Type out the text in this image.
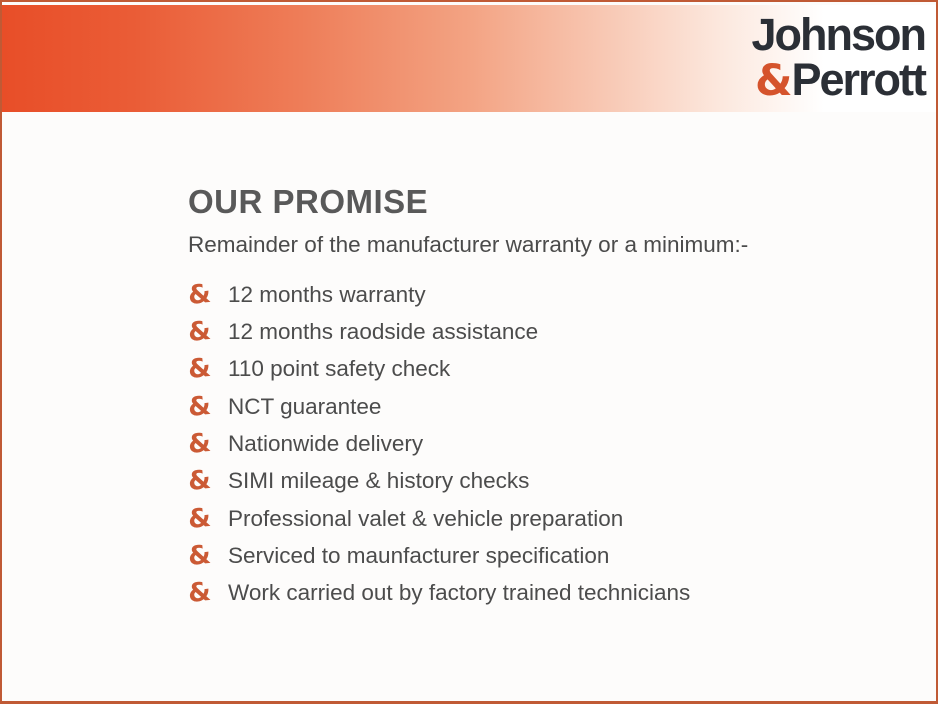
Johnson
&Perrott
OUR PROMISE
Remainder of the manufacturer warranty or a minimum:-
& 12 months warranty
& 12 months raodside assistance
& 110 point safety check
& NCT guarantee
& Nationwide delivery
& SIMI mileage & history checks
& Professional valet & vehicle preparation
& Serviced to maunfacturer specification
& Work carried out by factory trained technicians
